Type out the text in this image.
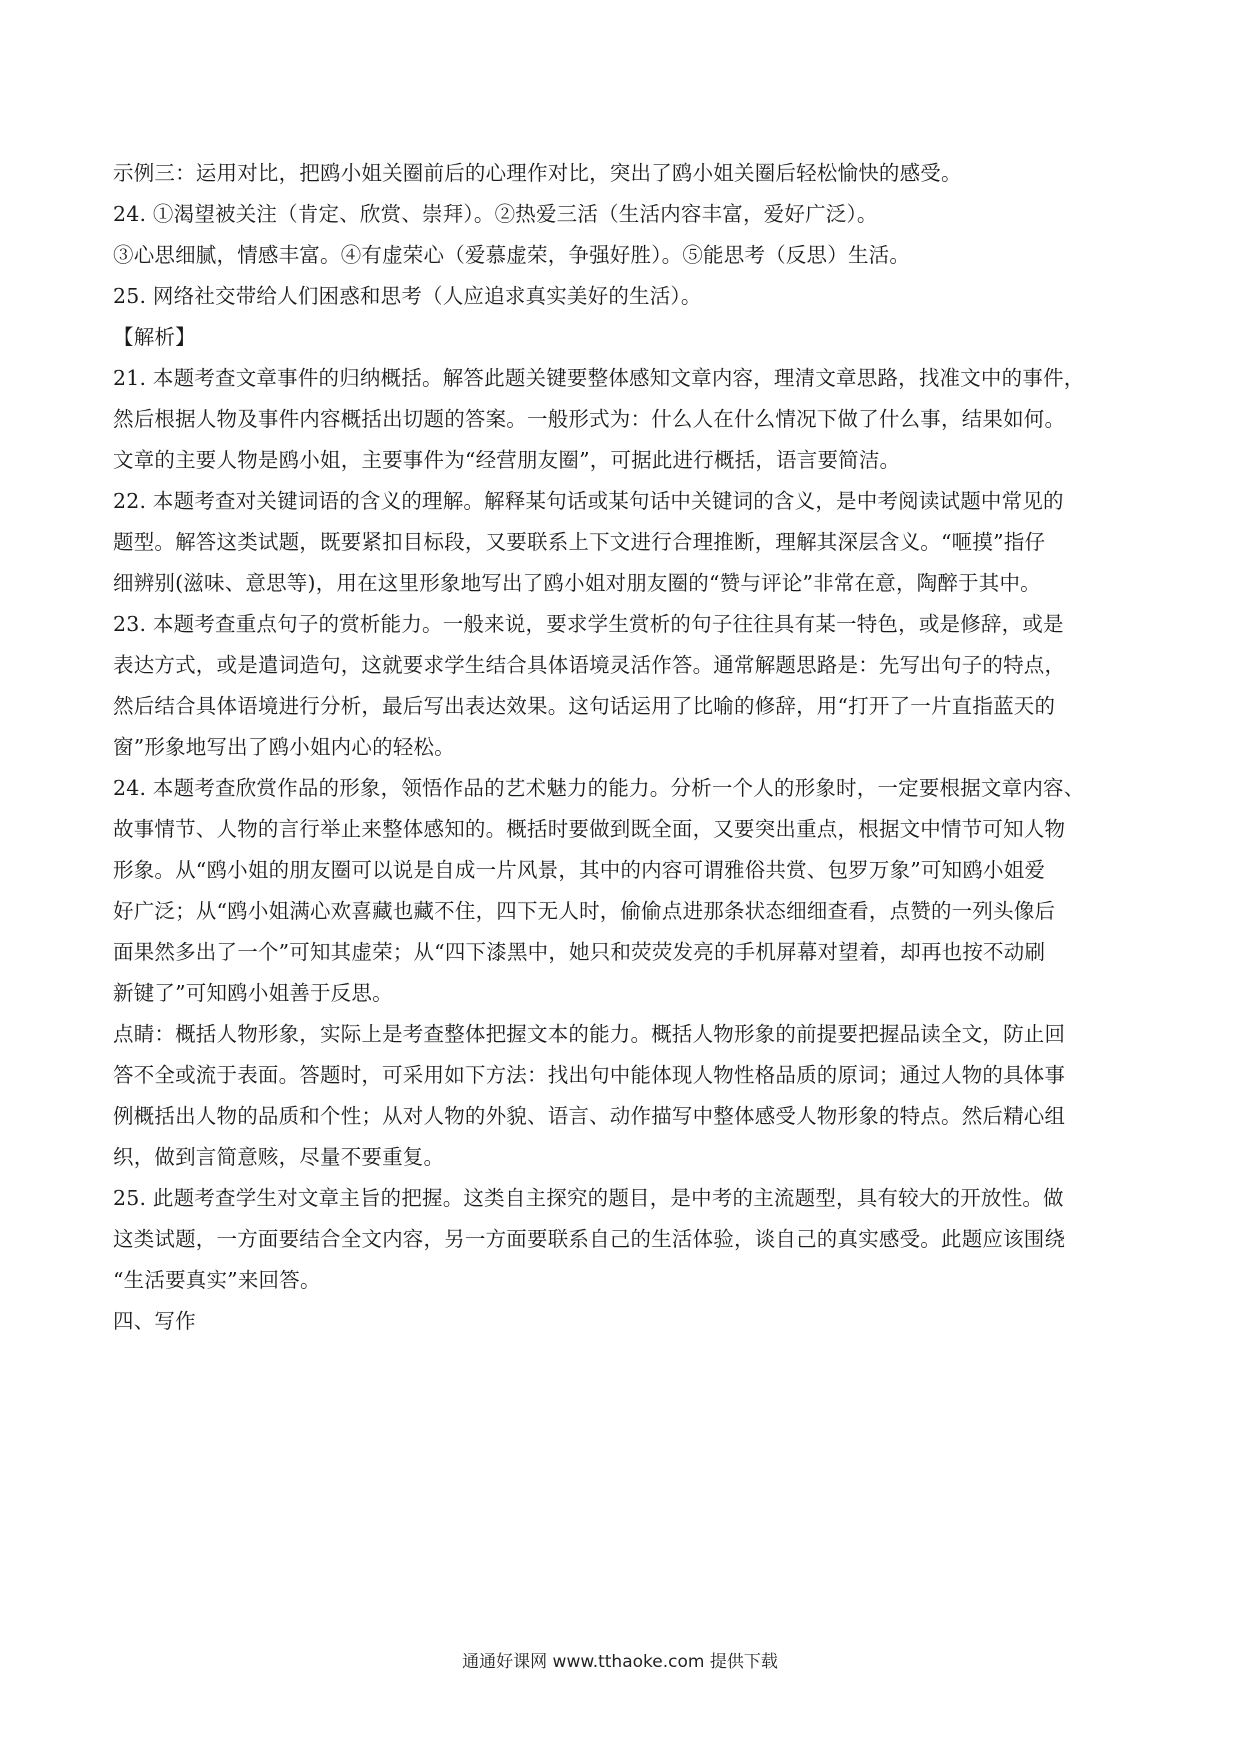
示例三：运用对比，把鸥小姐关圈前后的心理作对比，突出了鸥小姐关圈后轻松愉快的感受。
24. ①渴望被关注（肯定、欣赏、崇拜）。②热爱三活（生活内容丰富，爱好广泛）。
③心思细腻，情感丰富。④有虚荣心（爱慕虚荣，争强好胜）。⑤能思考（反思）生活。
25. 网络社交带给人们困惑和思考（人应追求真实美好的生活）。
【解析】
21. 本题考查文章事件的归纳概括。解答此题关键要整体感知文章内容，理清文章思路，找准文中的事件，
然后根据人物及事件内容概括出切题的答案。一般形式为：什么人在什么情况下做了什么事，结果如何。
文章的主要人物是鸥小姐，主要事件为“经营朋友圈”，可据此进行概括，语言要简洁。
22. 本题考查对关键词语的含义的理解。解释某句话或某句话中关键词的含义，是中考阅读试题中常见的
题型。解答这类试题，既要紧扣目标段，又要联系上下文进行合理推断，理解其深层含义。“咂摸”指仔
细辨别(滋味、意思等)，用在这里形象地写出了鸥小姐对朋友圈的“赞与评论”非常在意，陶醉于其中。
23. 本题考查重点句子的赏析能力。一般来说，要求学生赏析的句子往往具有某一特色，或是修辞，或是
表达方式，或是遣词造句，这就要求学生结合具体语境灵活作答。通常解题思路是：先写出句子的特点，
然后结合具体语境进行分析，最后写出表达效果。这句话运用了比喻的修辞，用“打开了一片直指蓝天的
窗”形象地写出了鸥小姐内心的轻松。
24. 本题考查欣赏作品的形象，领悟作品的艺术魅力的能力。分析一个人的形象时，一定要根据文章内容、
故事情节、人物的言行举止来整体感知的。概括时要做到既全面，又要突出重点，根据文中情节可知人物
形象。从“鸥小姐的朋友圈可以说是自成一片风景，其中的内容可谓雅俗共赏、包罗万象”可知鸥小姐爱
好广泛；从“鸥小姐满心欢喜藏也藏不住，四下无人时，偷偷点进那条状态细细查看，点赞的一列头像后
面果然多出了一个”可知其虚荣；从“四下漆黑中，她只和荧荧发亮的手机屏幕对望着，却再也按不动刷
新键了”可知鸥小姐善于反思。
点睛：概括人物形象，实际上是考查整体把握文本的能力。概括人物形象的前提要把握品读全文，防止回
答不全或流于表面。答题时，可采用如下方法：找出句中能体现人物性格品质的原词；通过人物的具体事
例概括出人物的品质和个性；从对人物的外貌、语言、动作描写中整体感受人物形象的特点。然后精心组
织，做到言简意赅，尽量不要重复。
25. 此题考查学生对文章主旨的把握。这类自主探究的题目，是中考的主流题型，具有较大的开放性。做
这类试题，一方面要结合全文内容，另一方面要联系自己的生活体验，谈自己的真实感受。此题应该围绕
“生活要真实”来回答。
四、写作
通通好课网 www.tthaoke.com 提供下载
